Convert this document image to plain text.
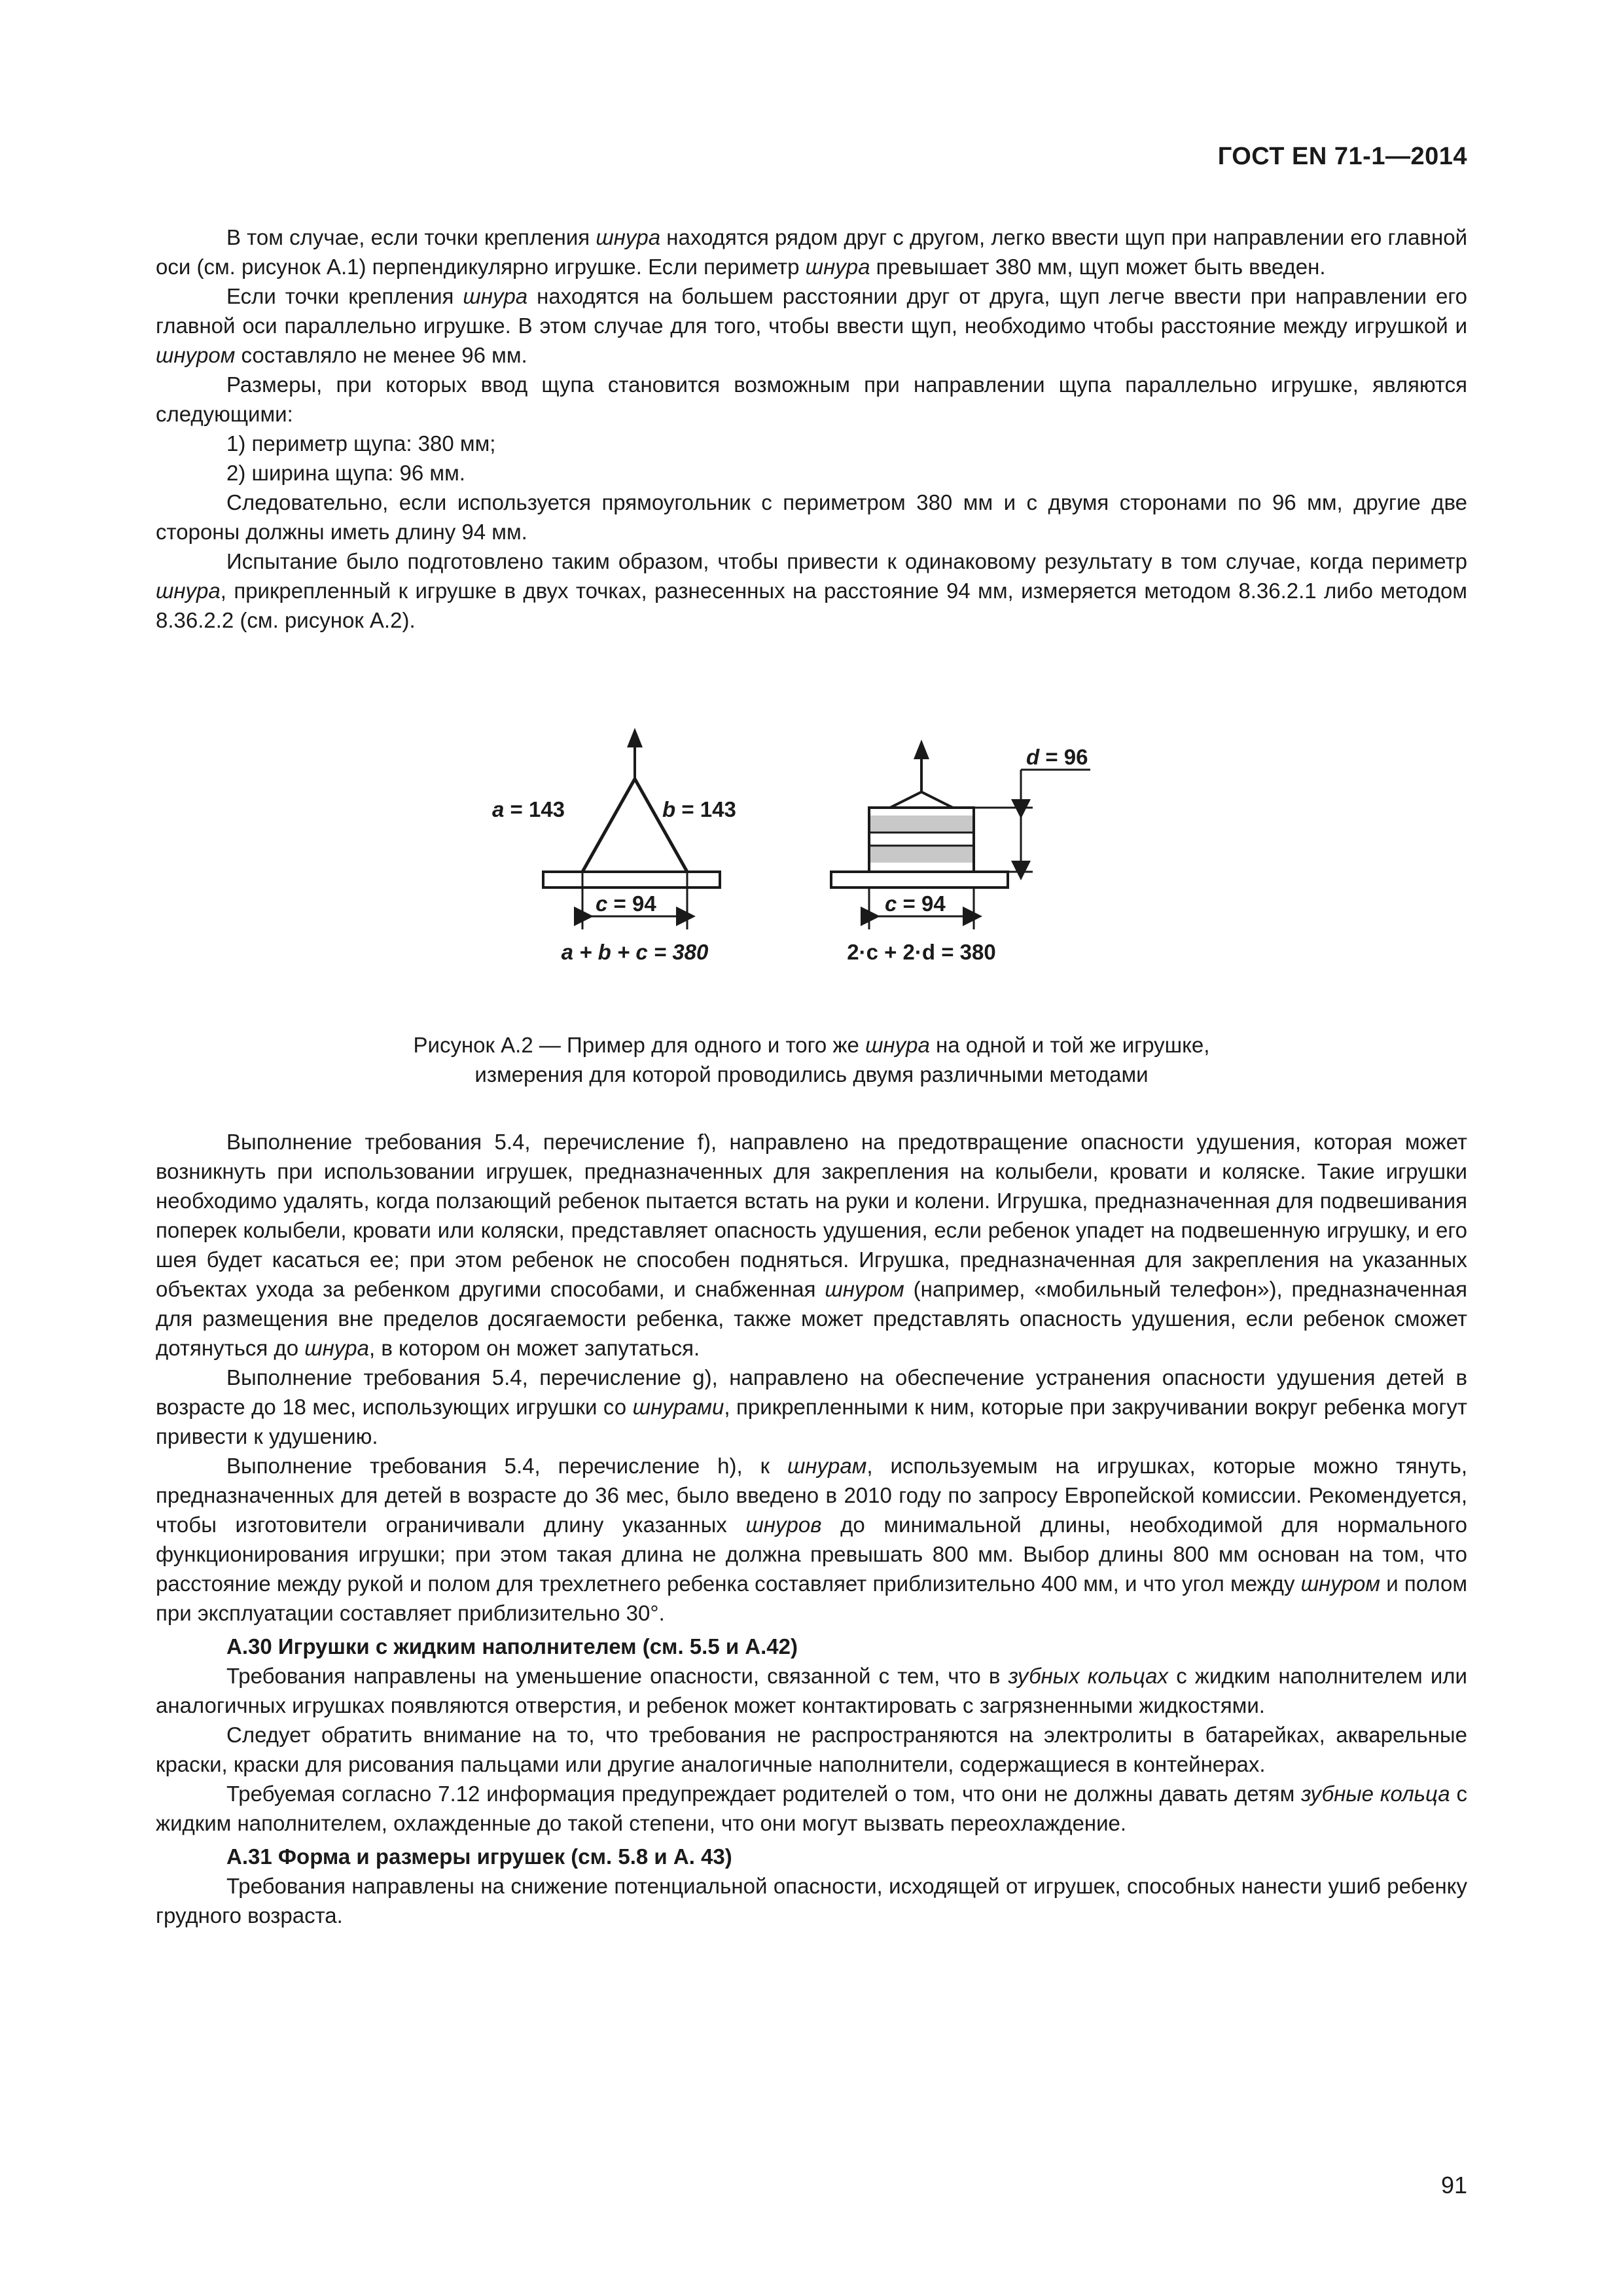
ГОСТ EN 71-1—2014

В том случае, если точки крепления шнура находятся рядом друг с другом, легко ввести щуп при направлении его главной оси (см. рисунок А.1) перпендикулярно игрушке. Если периметр шнура превышает 380 мм, щуп может быть введен.

Если точки крепления шнура находятся на большем расстоянии друг от друга, щуп легче ввести при направлении его главной оси параллельно игрушке. В этом случае для того, чтобы ввести щуп, необходимо чтобы расстояние между игрушкой и шнуром составляло не менее 96 мм.

Размеры, при которых ввод щупа становится возможным при направлении щупа параллельно игрушке, являются следующими:

1) периметр щупа: 380 мм;

2) ширина щупа: 96 мм.

Следовательно, если используется прямоугольник с периметром 380 мм и с двумя сторонами по 96 мм, другие две стороны должны иметь длину 94 мм.

Испытание было подготовлено таким образом, чтобы привести к одинаковому результату в том случае, когда периметр шнура, прикрепленный к игрушке в двух точках, разнесенных на расстояние 94 мм, измеряется методом 8.36.2.1 либо методом 8.36.2.2 (см. рисунок А.2).

a = 143	b = 143
c = 94
a + b + c = 380
d = 96
c = 94
2·c + 2·d = 380
Рисунок А.2 — Пример для одного и того же шнура на одной и той же игрушке,
измерения для которой проводились двумя различными методами

Выполнение требования 5.4, перечисление f), направлено на предотвращение опасности удушения, которая может возникнуть при использовании игрушек, предназначенных для закрепления на колыбели, кровати и коляске. Такие игрушки необходимо удалять, когда ползающий ребенок пытается встать на руки и колени. Игрушка, предназначенная для подвешивания поперек колыбели, кровати или коляски, представляет опасность удушения, если ребенок упадет на подвешенную игрушку, и его шея будет касаться ее; при этом ребенок не способен подняться. Игрушка, предназначенная для закрепления на указанных объектах ухода за ребенком другими способами, и снабженная шнуром (например, «мобильный телефон»), предназначенная для размещения вне пределов досягаемости ребенка, также может представлять опасность удушения, если ребенок сможет дотянуться до шнура, в котором он может запутаться.

Выполнение требования 5.4, перечисление g), направлено на обеспечение устранения опасности удушения детей в возрасте до 18 мес, использующих игрушки со шнурами, прикрепленными к ним, которые при закручивании вокруг ребенка могут привести к удушению.

Выполнение требования 5.4, перечисление h), к шнурам, используемым на игрушках, которые можно тянуть, предназначенных для детей в возрасте до 36 мес, было введено в 2010 году по запросу Европейской комиссии. Рекомендуется, чтобы изготовители ограничивали длину указанных шнуров до минимальной длины, необходимой для нормального функционирования игрушки; при этом такая длина не должна превышать 800 мм. Выбор длины 800 мм основан на том, что расстояние между рукой и полом для трехлетнего ребенка составляет приблизительно 400 мм, и что угол между шнуром и полом при эксплуатации составляет приблизительно 30°.

А.30 Игрушки с жидким наполнителем (см. 5.5 и А.42)

Требования направлены на уменьшение опасности, связанной с тем, что в зубных кольцах с жидким наполнителем или аналогичных игрушках появляются отверстия, и ребенок может контактировать с загрязненными жидкостями.

Следует обратить внимание на то, что требования не распространяются на электролиты в батарейках, акварельные краски, краски для рисования пальцами или другие аналогичные наполнители, содержащиеся в контейнерах.

Требуемая согласно 7.12 информация предупреждает родителей о том, что они не должны давать детям зубные кольца с жидким наполнителем, охлажденные до такой степени, что они могут вызвать переохлаждение.

А.31 Форма и размеры игрушек (см. 5.8 и А. 43)

Требования направлены на снижение потенциальной опасности, исходящей от игрушек, способных нанести ушиб ребенку грудного возраста.

91
